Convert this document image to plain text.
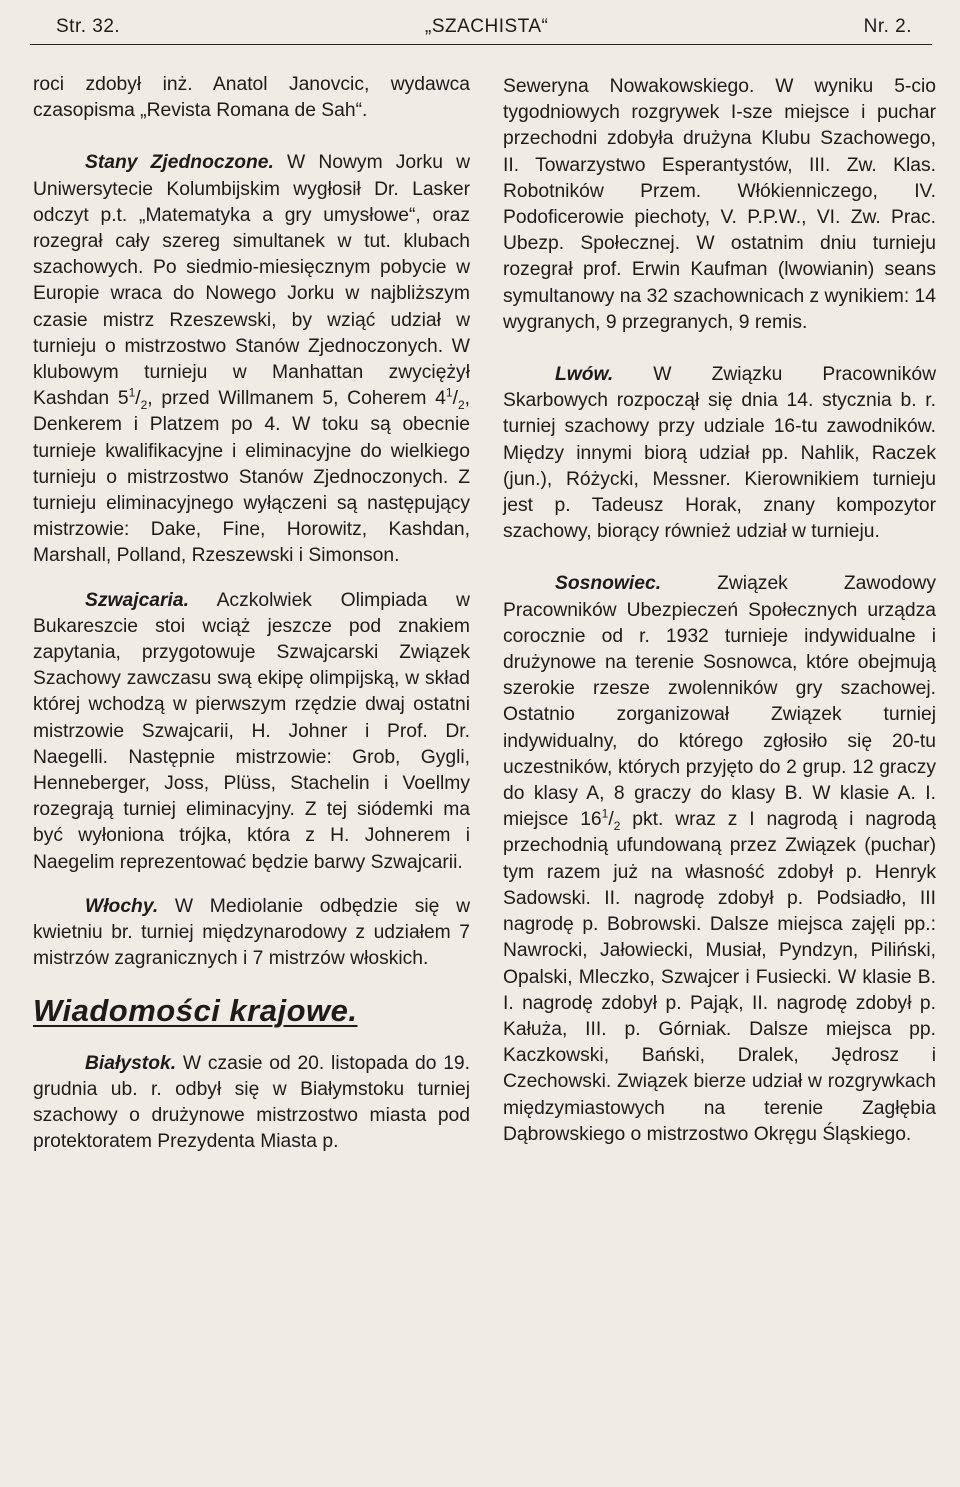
Str. 32.	„SZACHISTA“	Nr. 2.

roci zdobył inż. Anatol Janovcic, wydawca czasopisma „Revista Romana de Sah“.

Stany Zjednoczone. W Nowym Jorku w Uniwersytecie Kolumbijskim wygłosił Dr. Lasker odczyt p.t. „Matematyka a gry umysłowe“, oraz rozegrał cały szereg simultanek w tut. klubach szachowych. Po siedmio-miesięcznym pobycie w Europie wraca do Nowego Jorku w najbliższym czasie mistrz Rzeszewski, by wziąć udział w turnieju o mistrzostwo Stanów Zjednoczonych. W klubowym turnieju w Manhattan zwyciężył Kashdan $5^1/_2$, przed Willmanem 5, Coherem $4^1/_2$, Denkerem i Platzem po 4. W toku są obecnie turnieje kwalifikacyjne i eliminacyjne do wielkiego turnieju o mistrzostwo Stanów Zjednoczonych. Z turnieju eliminacyjnego wyłączeni są następujący mistrzowie: Dake, Fine, Horowitz, Kashdan, Marshall, Polland, Rzeszewski i Simonson.

Szwajcaria. Aczkolwiek Olimpiada w Bukareszcie stoi wciąż jeszcze pod znakiem zapytania, przygotowuje Szwajcarski Związek Szachowy zawczasu swą ekipę olimpijską, w skład której wchodzą w pierwszym rzędzie dwaj ostatni mistrzowie Szwajcarii, H. Johner i Prof. Dr. Naegelli. Następnie mistrzowie: Grob, Gygli, Henneberger, Joss, Plüss, Stachelin i Voellmy rozegrają turniej eliminacyjny. Z tej siódemki ma być wyłoniona trójka, która z H. Johnerem i Naegelim reprezentować będzie barwy Szwajcarii.

Włochy. W Mediolanie odbędzie się w kwietniu br. turniej międzynarodowy z udziałem 7 mistrzów zagranicznych i 7 mistrzów włoskich.

Wiadomości krajowe.

Białystok. W czasie od 20. listopada do 19. grudnia ub. r. odbył się w Białymstoku turniej szachowy o drużynowe mistrzostwo miasta pod protektoratem Prezydenta Miasta p.

Seweryna Nowakowskiego. W wyniku 5-cio tygodniowych rozgrywek I-sze miejsce i puchar przechodni zdobyła drużyna Klubu Szachowego, II. Towarzystwo Esperantystów, III. Zw. Klas. Robotników Przem. Włókienniczego, IV. Podoficerowie piechoty, V. P.P.W., VI. Zw. Prac. Ubezp. Społecznej. W ostatnim dniu turnieju rozegrał prof. Erwin Kaufman (lwowianin) seans symultanowy na 32 szachownicach z wynikiem: 14 wygranych, 9 przegranych, 9 remis.

Lwów. W Związku Pracowników Skarbowych rozpoczął się dnia 14. stycznia b. r. turniej szachowy przy udziale 16-tu zawodników. Między innymi biorą udział pp. Nahlik, Raczek (jun.), Różycki, Messner. Kierownikiem turnieju jest p. Tadeusz Horak, znany kompozytor szachowy, biorący również udział w turnieju.

Sosnowiec. Związek Zawodowy Pracowników Ubezpieczeń Społecznych urządza corocznie od r. 1932 turnieje indywidualne i drużynowe na terenie Sosnowca, które obejmują szerokie rzesze zwolenników gry szachowej. Ostatnio zorganizował Związek turniej indywidualny, do którego zgłosiło się 20-tu uczestników, których przyjęto do 2 grup. 12 graczy do klasy A, 8 graczy do klasy B. W klasie A. I. miejsce $16^1/_2$ pkt. wraz z I nagrodą i nagrodą przechodnią ufundowaną przez Związek (puchar) tym razem już na własność zdobył p. Henryk Sadowski. II. nagrodę zdobył p. Podsiadło, III nagrodę p. Bobrowski. Dalsze miejsca zajęli pp.: Nawrocki, Jałowiecki, Musiał, Pyndzyn, Piliński, Opalski, Mleczko, Szwajcer i Fusiecki. W klasie B. I. nagrodę zdobył p. Pająk, II. nagrodę zdobył p. Kałuża, III. p. Górniak. Dalsze miejsca pp. Kaczkowski, Bański, Dralek, Jędrosz i Czechowski. Związek bierze udział w rozgrywkach międzymiastowych na terenie Zagłębia Dąbrowskiego o mistrzostwo Okręgu Śląskiego.
